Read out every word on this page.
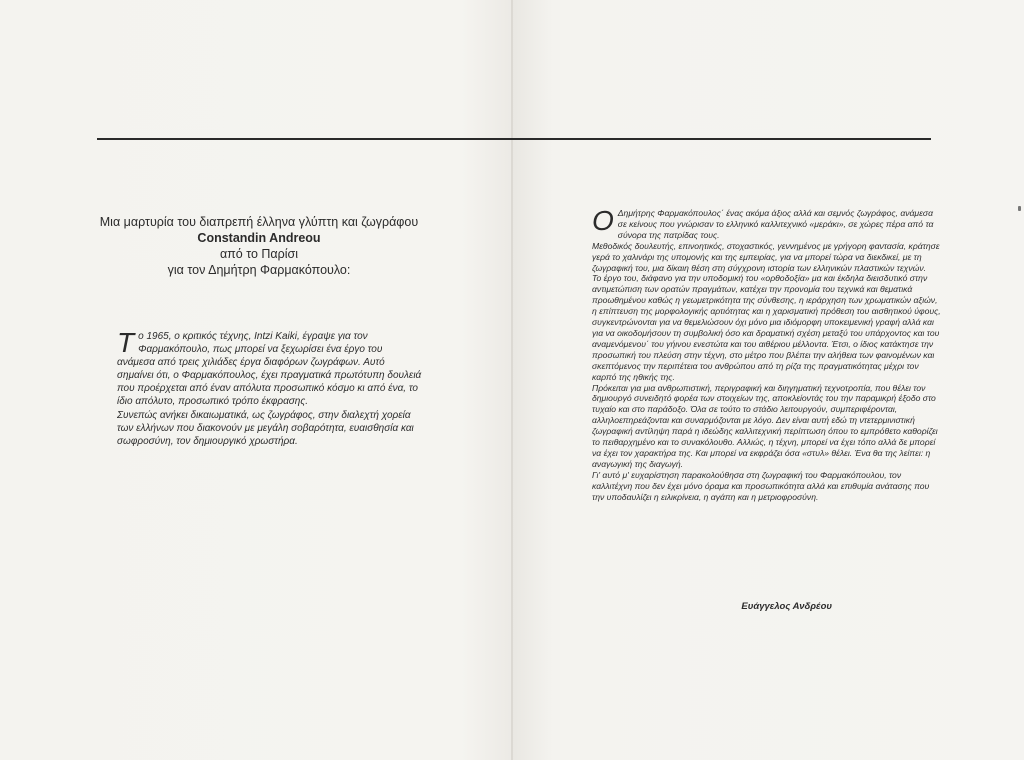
Μια μαρτυρία του διαπρεπή έλληνα γλύπτη και ζωγράφου
Constandin Andreou
από το Παρίσι
για τον Δημήτρη Φαρμακόπουλο:

Το 1965, ο κριτικός τέχνης, Intzi Kaiki, έγραψε για τον Φαρμακόπουλο, πως μπορεί να ξεχωρίσει ένα έργο του ανάμεσα από τρεις χιλιάδες έργα διαφόρων ζωγράφων. Αυτό σημαίνει ότι, ο Φαρμακόπουλος, έχει πραγματικά πρωτότυπη δουλειά που προέρχεται από έναν απόλυτα προσωπικό κόσμο κι από ένα, το ίδιο απόλυτο, προσωπικό τρόπο έκφρασης.

Συνεπώς ανήκει δικαιωματικά, ως ζωγράφος, στην διαλεχτή χορεία των ελλήνων που διακονούν με μεγάλη σοβαρότητα, ευαισθησία και σωφροσύνη, τον δημιουργικό χρωστήρα.

Ο Δημήτρης Φαρμακόπουλος΄ ένας ακόμα άξιος αλλά και σεμνός ζωγράφος, ανάμεσα σε κείνους που γνώρισαν το ελληνικό καλλιτεχνικό «μεράκι», σε χώρες πέρα από τα σύνορα της πατρίδας τους.

Μεθοδικός δουλευτής, επινοητικός, στοχαστικός, γεννημένος με γρήγορη φαντασία, κράτησε γερά το χαλινάρι της υπομονής και της εμπειρίας, για να μπορεί τώρα να διεκδικεί, με τη ζωγραφική του, μια δίκαιη θέση στη σύγχρονη ιστορία των ελληνικών πλαστικών τεχνών.

Το έργο του, διάφανο για την υποδομική του «ορθοδοξία» μα και έκδηλα διεισδυτικό στην αντιμετώπιση των ορατών πραγμάτων, κατέχει την προνομία του τεχνικά και θεματικά προωθημένου καθώς η γεωμετρικότητα της σύνθεσης, η ιεράρχηση των χρωματικών αξιών, η επίπτευση της μορφολογικής αρτιότητας και η χαρισματική πρόθεση του αισθητικού ύφους, συγκεντρώνονται για να θεμελιώσουν όχι μόνο μια ιδιόμορφη υποκειμενική γραφή αλλά και για να οικοδομήσουν τη συμβολική όσο και δραματική σχέση μεταξύ του υπάρχοντος και του αναμενόμενου΄ του γήινου ενεστώτα και του αιθέριου μέλλοντα. Έτσι, ο ίδιος κατάκτησε την προσωπική του πλεύση στην τέχνη, στο μέτρο που βλέπει την αλήθεια των φαινομένων και σκεπτόμενος την περιπέτεια του ανθρώπου από τη ρίζα της πραγματικότητας μέχρι τον καρπό της ηθικής της.

Πρόκειται για μια ανθρωπιστική, περιγραφική και διηγηματική τεχνοτροπία, που θέλει τον δημιουργό συνειδητό φορέα των στοιχείων της, αποκλείοντάς του την παραμικρή έξοδο στο τυχαίο και στο παράδοξο. Όλα σε τούτο το στάδιο λειτουργούν, συμπεριφέρονται, αλληλοεπηρεάζονται και συναρμόζονται με λόγο. Δεν είναι αυτή εδώ τη ντετερμινιστική ζωγραφική αντίληψη παρά η ιδεώδης καλλιτεχνική περίπτωση όπου το εμπρόθετο καθορίζει το πειθαρχημένο και το συνακόλουθο. Αλλιώς, η τέχνη, μπορεί να έχει τόπο αλλά δε μπορεί να έχει τον χαρακτήρα της. Και μπορεί να εκφράζει όσα «στυλ» θέλει. Ένα θα της λείπει: η αναγωγική της διαγωγή.

Γι' αυτό μ' ευχαρίστηση παρακολούθησα στη ζωγραφική του Φαρμακόπουλου, τον καλλιτέχνη που δεν έχει μόνο όραμα και προσωπικότητα αλλά και επιθυμία ανάτασης που την υποδαυλίζει η ειλικρίνεια, η αγάπη και η μετριοφροσύνη.

Ευάγγελος Ανδρέου
